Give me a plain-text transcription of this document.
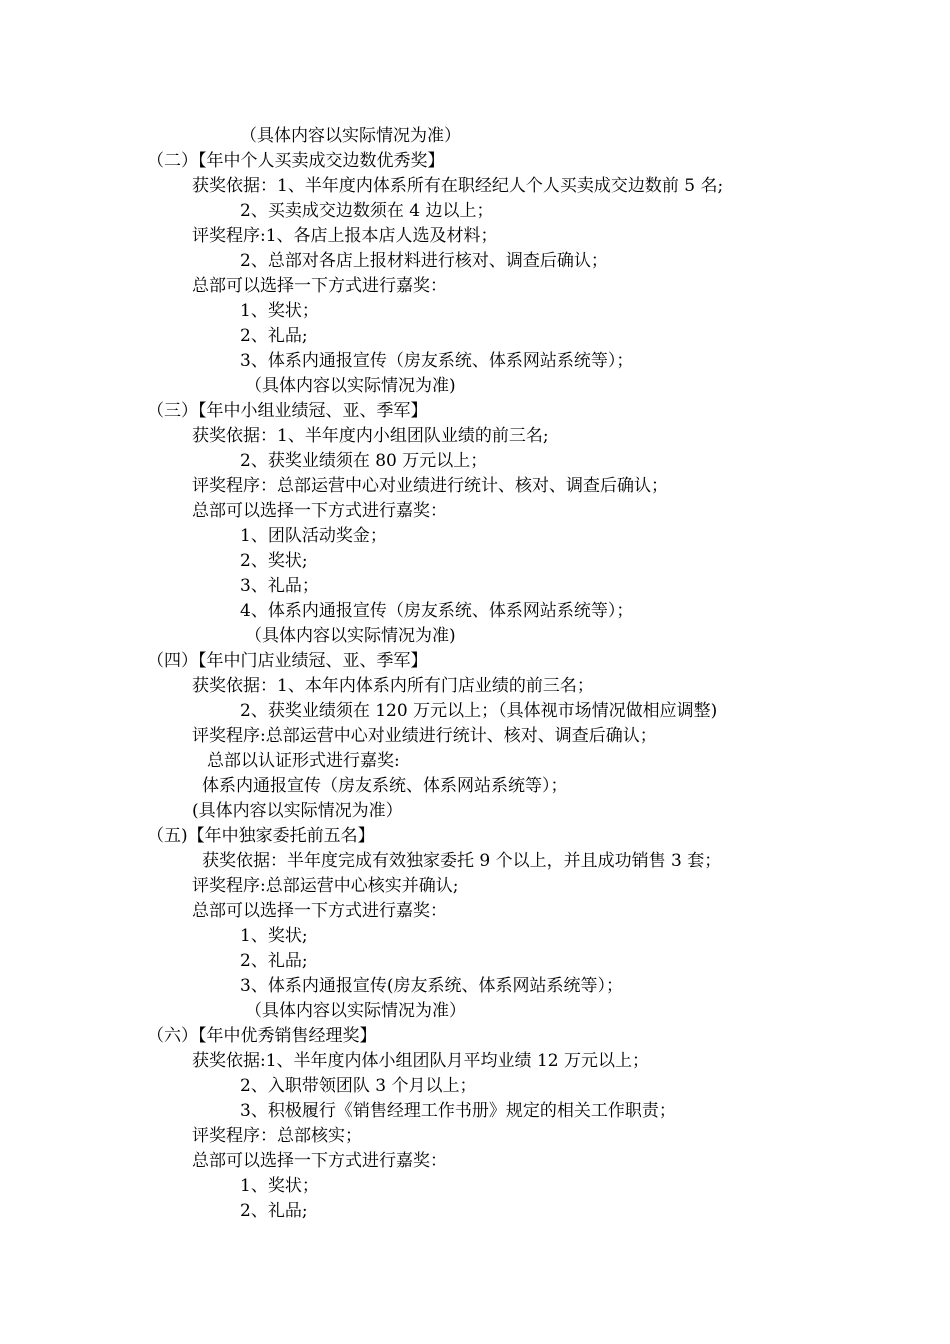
（具体内容以实际情况为准）
（二）【年中个人买卖成交边数优秀奖】
获奖依据：1、半年度内体系所有在职经纪人个人买卖成交边数前 5 名;
2、买卖成交边数须在 4 边以上；
评奖程序:1、各店上报本店人选及材料；
2、总部对各店上报材料进行核对、调查后确认；
总部可以选择一下方式进行嘉奖：
1、奖状；
2、礼品;
3、体系内通报宣传（房友系统、体系网站系统等）；
（具体内容以实际情况为准)
（三）【年中小组业绩冠、亚、季军】
获奖依据：1、半年度内小组团队业绩的前三名;
2、获奖业绩须在 80 万元以上；
评奖程序：总部运营中心对业绩进行统计、核对、调查后确认；
总部可以选择一下方式进行嘉奖：
1、团队活动奖金；
2、奖状;
3、礼品；
4、体系内通报宣传（房友系统、体系网站系统等）；
（具体内容以实际情况为准)
（四）【年中门店业绩冠、亚、季军】
获奖依据：1、本年内体系内所有门店业绩的前三名；
2、获奖业绩须在 120 万元以上；（具体视市场情况做相应调整)
评奖程序:总部运营中心对业绩进行统计、核对、调查后确认；
总部以认证形式进行嘉奖:
体系内通报宣传（房友系统、体系网站系统等）；
(具体内容以实际情况为准）
（五)【年中独家委托前五名】
获奖依据：半年度完成有效独家委托 9 个以上，并且成功销售 3 套；
评奖程序:总部运营中心核实并确认;
总部可以选择一下方式进行嘉奖：
1、奖状;
2、礼品;
3、体系内通报宣传(房友系统、体系网站系统等）；
（具体内容以实际情况为准）
（六）【年中优秀销售经理奖】
获奖依据:1、半年度内体小组团队月平均业绩 12 万元以上；
2、入职带领团队 3 个月以上；
3、积极履行《销售经理工作书册》规定的相关工作职责；
评奖程序：总部核实；
总部可以选择一下方式进行嘉奖：
1、奖状；
2、礼品;
